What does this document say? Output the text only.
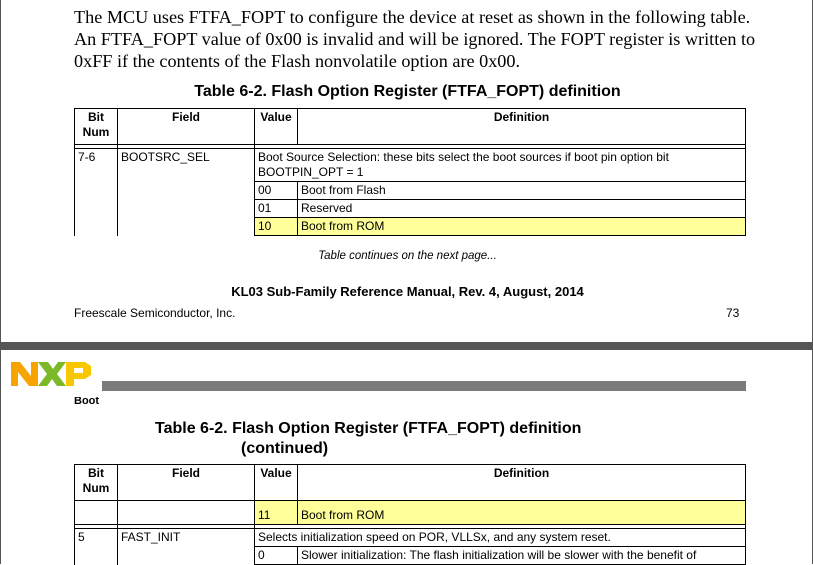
The MCU uses FTFA_FOPT to configure the device at reset as shown in the following table. An FTFA_FOPT value of 0x00 is invalid and will be ignored. The FOPT register is written to 0xFF if the contents of the Flash nonvolatile option are 0x00.

Table 6-2. Flash Option Register (FTFA_FOPT) definition
Bit Num	Field	Value	Definition

7-6	BOOTSRC_SEL	Boot Source Selection: these bits select the boot sources if boot pin option bit BOOTPIN_OPT = 1	
		00	Boot from Flash
		01	Reserved
		10	Boot from ROM
Table continues on the next page...
KL03 Sub-Family Reference Manual, Rev. 4, August, 2014
Freescale Semiconductor, Inc.	73
Boot
Table 6-2. Flash Option Register (FTFA_FOPT) definition
(continued)
Bit Num	Field	Value	Definition
		11	Boot from ROM

5	FAST_INIT	Selects initialization speed on POR, VLLSx, and any system reset.	
		0	Slower initialization: The flash initialization will be slower with the benefit of
